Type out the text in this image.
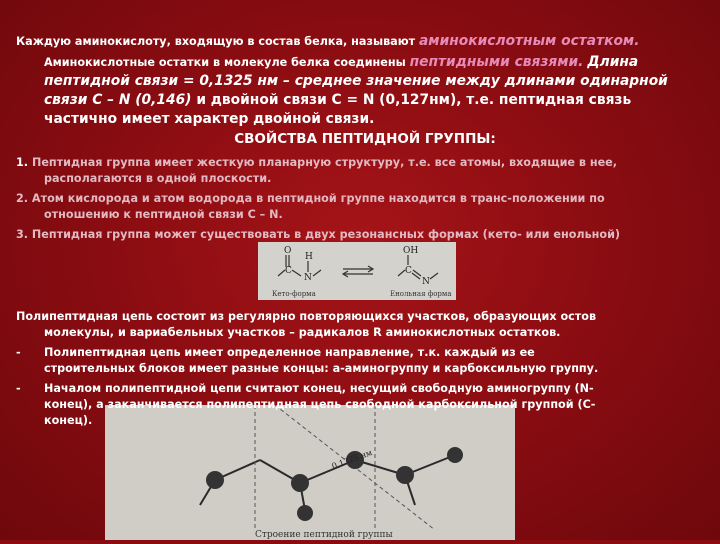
Каждую аминокислоту, входящую в состав белка, называют аминокислотным остатком.
Аминокислотные остатки в молекуле белка соединены пептидными связями. Длина
пептидной связи = 0,1325 нм – среднее значение между длинами одинарной
связи С – N (0,146) и двойной связи С = N (0,127нм), т.е. пептидная связь
частично имеет характер двойной связи.
СВОЙСТВА ПЕПТИДНОЙ ГРУППЫ:
1. Пептидная группа имеет жесткую планарную структуру, т.е. все атомы, входящие в нее,
располагаются в одной плоскости.
2. Атом кислорода и атом водорода в пептидной группе находится в транс-положении по
отношению к пептидной связи С – N.
3. Пептидная группа может существовать в двух резонансных формах (кето- или енольной)
O
C
N
H
OH
C
N
Кето-форма	Енольная форма
0,1325 нм
Строение пептидной группы
Полипептидная цепь состоит из регулярно повторяющихся участков, образующих остов
молекулы, и вариабельных участков – радикалов R аминокислотных остатков.
- Полипептидная цепь имеет определенное направление, т.к. каждый из ее
строительных блоков имеет разные концы: a-аминогруппу и карбоксильную группу.
- Началом полипептидной цепи считают конец, несущий свободную аминогруппу (N-
конец), а заканчивается полипептидная цепь свободной карбоксильной группой (С-
конец).
